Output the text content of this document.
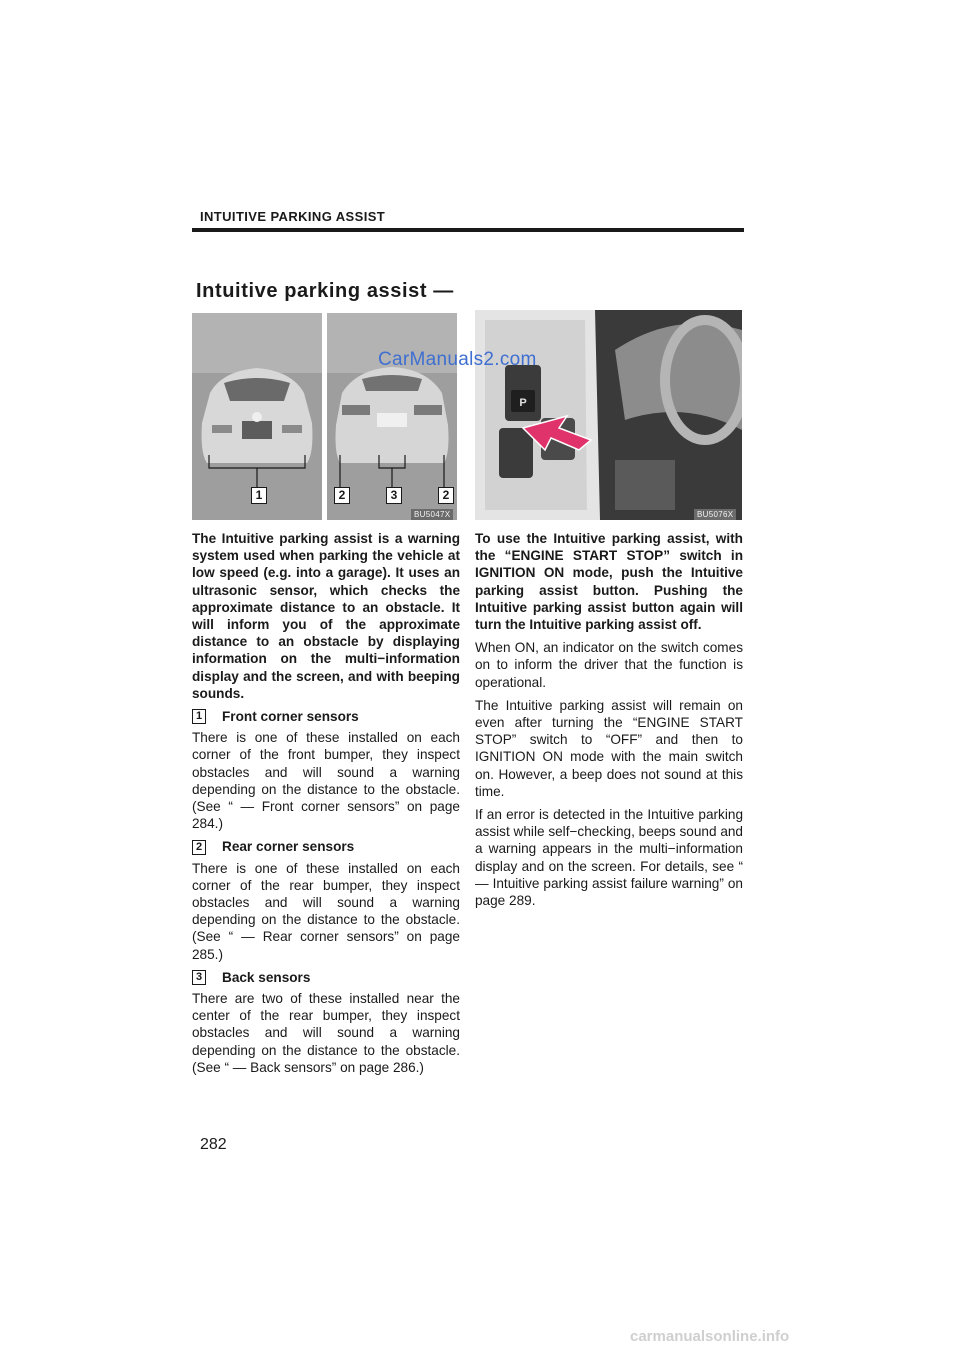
INTUITIVE PARKING ASSIST
Intuitive parking assist —
1	2	3	2
BU5047X
P
BU5076X
CarManuals2.com

The Intuitive parking assist is a warning system used when parking the vehicle at low speed (e.g. into a garage). It uses an ultrasonic sensor, which checks the approximate distance to an obstacle. It will inform you of the approximate distance to an obstacle by displaying information on the multi−information display and the screen, and with beeping sounds.

1 Front corner sensors

There is one of these installed on each corner of the front bumper, they inspect obstacles and will sound a warning depending on the distance to the obstacle. (See “ — Front corner sensors” on page 284.)

2 Rear corner sensors

There is one of these installed on each corner of the rear bumper, they inspect obstacles and will sound a warning depending on the distance to the obstacle. (See “ — Rear corner sensors” on page 285.)

3 Back sensors

There are two of these installed near the center of the rear bumper, they inspect obstacles and will sound a warning depending on the distance to the obstacle. (See “ — Back sensors” on page 286.)

To use the Intuitive parking assist, with the “ENGINE START STOP” switch in IGNITION ON mode, push the Intuitive parking assist button. Pushing the Intuitive parking assist button again will turn the Intuitive parking assist off.

When ON, an indicator on the switch comes on to inform the driver that the function is operational.

The Intuitive parking assist will remain on even after turning the “ENGINE START STOP” switch to “OFF” and then to IGNITION ON mode with the main switch on. However, a beep does not sound at this time.

If an error is detected in the Intuitive parking assist while self−checking, beeps sound and a warning appears in the multi−information display and on the screen. For details, see “ — Intuitive parking assist failure warning” on page 289.

282
carmanualsonline.info
